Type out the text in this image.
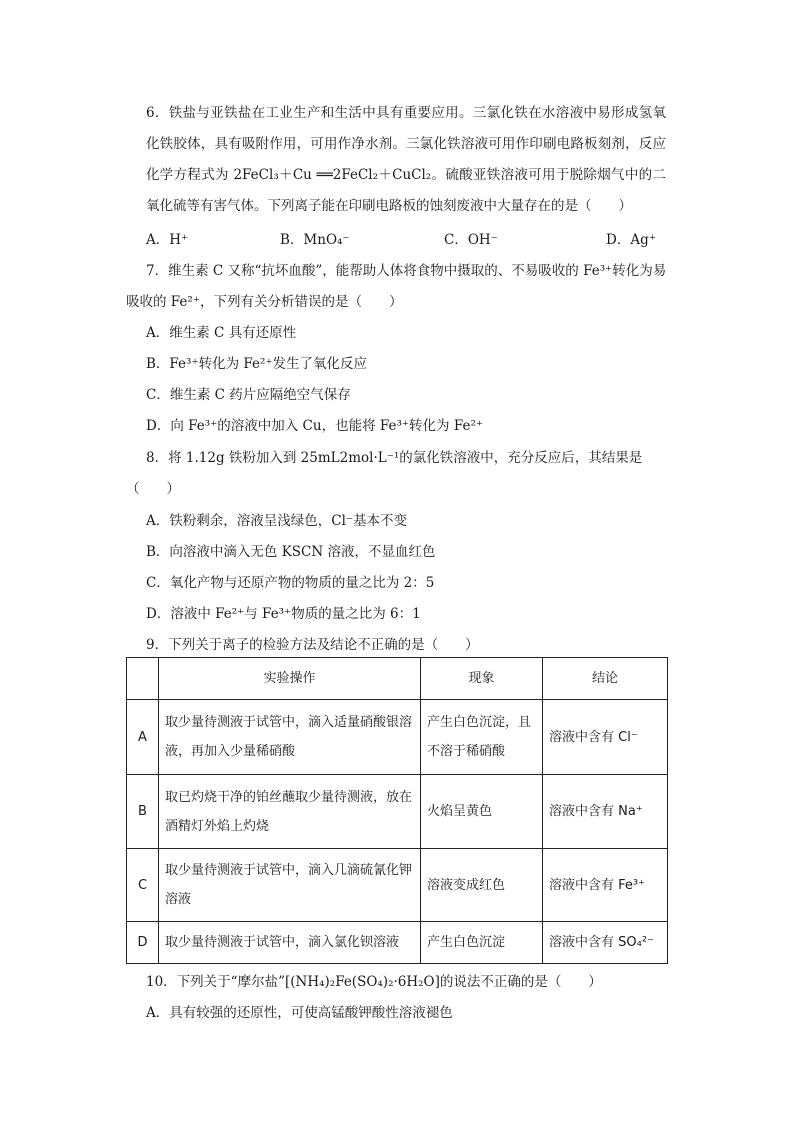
6．铁盐与亚铁盐在工业生产和生活中具有重要应用。三氯化铁在水溶液中易形成氢氧化铁胶体，具有吸附作用，可用作净水剂。三氯化铁溶液可用作印刷电路板刻剂，反应化学方程式为 2FeCl₃＋Cu ══2FeCl₂＋CuCl₂。硫酸亚铁溶液可用于脱除烟气中的二氧化硫等有害气体。下列离子能在印刷电路板的蚀刻废液中大量存在的是（　　）

A．H⁺	B．MnO₄⁻	C．OH⁻	D．Ag⁺

7．维生素 C 又称“抗坏血酸”，能帮助人体将食物中摄取的、不易吸收的 Fe³⁺转化为易

吸收的 Fe²⁺，下列有关分析错误的是（　　）

A．维生素 C 具有还原性

B．Fe³⁺转化为 Fe²⁺发生了氧化反应

C．维生素 C 药片应隔绝空气保存

D．向 Fe³⁺的溶液中加入 Cu，也能将 Fe³⁺转化为 Fe²⁺

8．将 1.12g 铁粉加入到 25mL2mol·L⁻¹的氯化铁溶液中，充分反应后，其结果是

（　　）

A．铁粉剩余，溶液呈浅绿色，Cl⁻基本不变

B．向溶液中滴入无色 KSCN 溶液，不显血红色

C．氧化产物与还原产物的物质的量之比为 2：5

D．溶液中 Fe²⁺与 Fe³⁺物质的量之比为 6：1

9．下列关于离子的检验方法及结论不正确的是（　　）

	实验操作	现象	结论
A	取少量待测液于试管中，滴入适量硝酸银溶液，再加入少量稀硝酸	产生白色沉淀，且不溶于稀硝酸	溶液中含有 Cl⁻
B	取已灼烧干净的铂丝蘸取少量待测液，放在酒精灯外焰上灼烧	火焰呈黄色	溶液中含有 Na⁺
C	取少量待测液于试管中，滴入几滴硫氰化钾溶液	溶液变成红色	溶液中含有 Fe³⁺
D	取少量待测液于试管中，滴入氯化钡溶液	产生白色沉淀	溶液中含有 SO₄²⁻

10．下列关于“摩尔盐”[(NH₄)₂Fe(SO₄)₂·6H₂O]的说法不正确的是（　　）

A．具有较强的还原性，可使高锰酸钾酸性溶液褪色
